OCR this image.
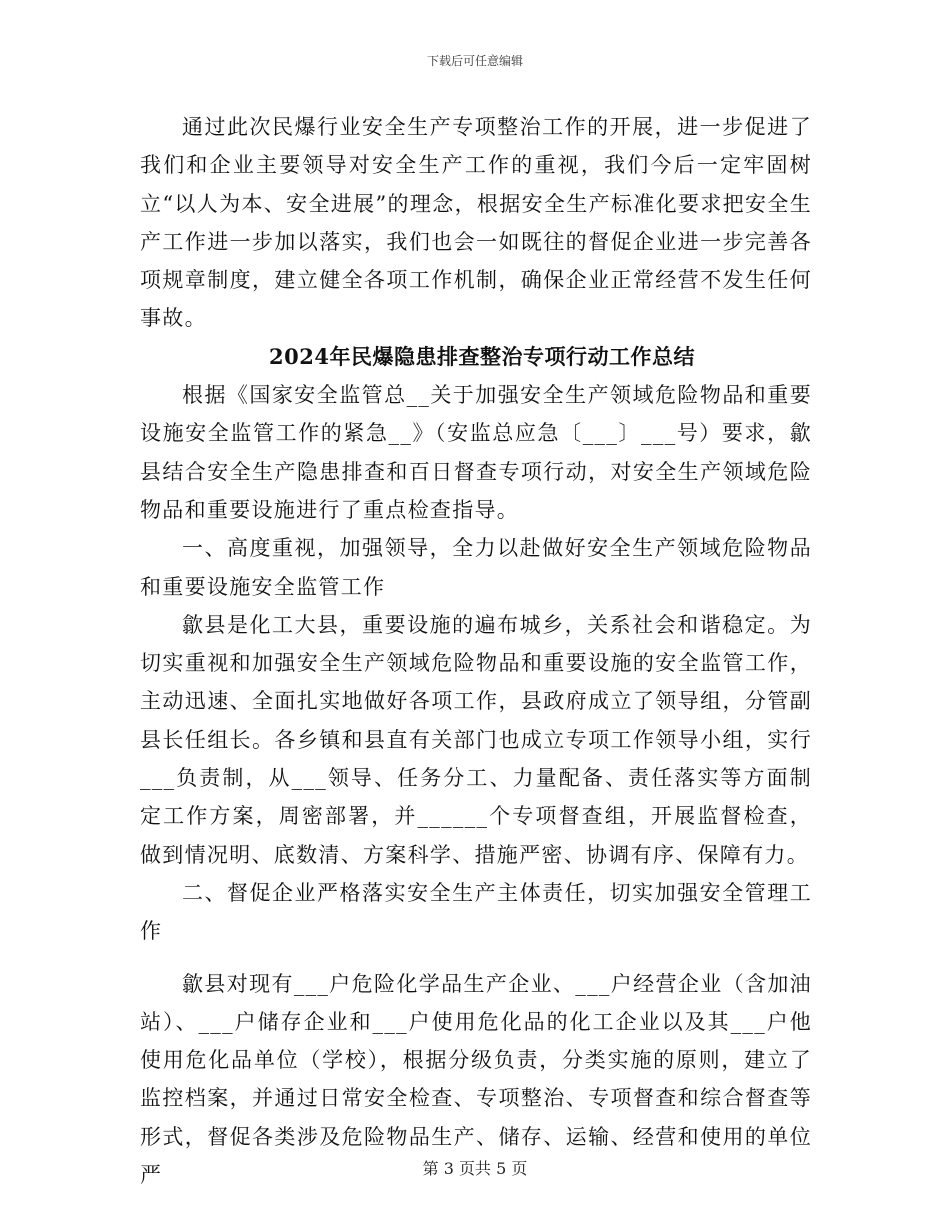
下载后可任意编辑

通过此次民爆行业安全生产专项整治工作的开展，进一步促进了我们和企业主要领导对安全生产工作的重视，我们今后一定牢固树立“以人为本、安全进展”的理念，根据安全生产标准化要求把安全生产工作进一步加以落实，我们也会一如既往的督促企业进一步完善各项规章制度，建立健全各项工作机制，确保企业正常经营不发生任何事故。

2024年民爆隐患排查整治专项行动工作总结

根据《国家安全监管总__关于加强安全生产领域危险物品和重要设施安全监管工作的紧急__》（安监总应急〔___〕___号）要求，歙县结合安全生产隐患排查和百日督查专项行动，对安全生产领域危险物品和重要设施进行了重点检查指导。

一、高度重视，加强领导，全力以赴做好安全生产领域危险物品和重要设施安全监管工作

歙县是化工大县，重要设施的遍布城乡，关系社会和谐稳定。为切实重视和加强安全生产领域危险物品和重要设施的安全监管工作，主动迅速、全面扎实地做好各项工作，县政府成立了领导组，分管副县长任组长。各乡镇和县直有关部门也成立专项工作领导小组，实行___负责制，从___领导、任务分工、力量配备、责任落实等方面制定工作方案，周密部署，并______个专项督查组，开展监督检查，做到情况明、底数清、方案科学、措施严密、协调有序、保障有力。

二、督促企业严格落实安全生产主体责任，切实加强安全管理工作

歙县对现有___户危险化学品生产企业、___户经营企业（含加油站）、___户储存企业和___户使用危化品的化工企业以及其___户他使用危化品单位（学校），根据分级负责，分类实施的原则，建立了监控档案，并通过日常安全检查、专项整治、专项督查和综合督查等形式，督促各类涉及危险物品生产、储存、运输、经营和使用的单位严	第 3 页共 5 页
